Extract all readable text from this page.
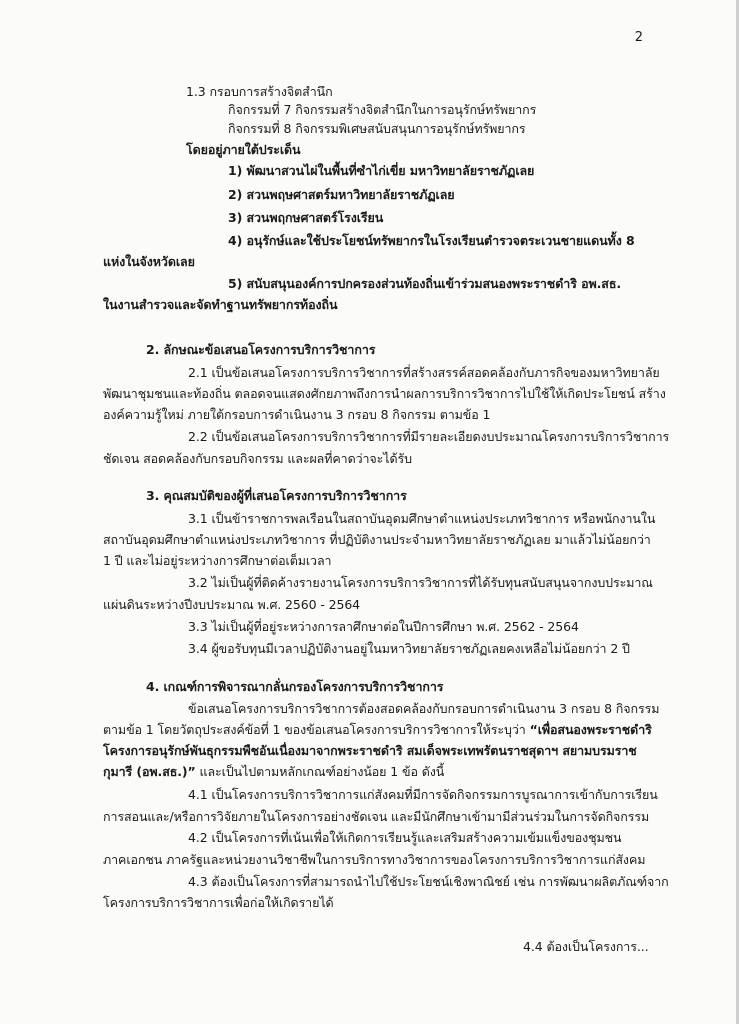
2
1.3 กรอบการสร้างจิตสำนึก
กิจกรรมที่ 7 กิจกรรมสร้างจิตสำนึกในการอนุรักษ์ทรัพยากร
กิจกรรมที่ 8 กิจกรรมพิเศษสนับสนุนการอนุรักษ์ทรัพยากร
โดยอยู่ภายใต้ประเด็น
1) พัฒนาสวนไผ่ในพื้นที่ซำไก่เขี่ย มหาวิทยาลัยราชภัฏเลย
2) สวนพฤษศาสตร์มหาวิทยาลัยราชภัฏเลย
3) สวนพฤกษศาสตร์โรงเรียน
4) อนุรักษ์และใช้ประโยชน์ทรัพยากรในโรงเรียนตำรวจตระเวนชายแดนทั้ง 8
แห่งในจังหวัดเลย
5) สนับสนุนองค์การปกครองส่วนท้องถิ่นเข้าร่วมสนองพระราชดำริ อพ.สธ.
ในงานสำรวจและจัดทำฐานทรัพยากรท้องถิ่น
2. ลักษณะข้อเสนอโครงการบริการวิชาการ
2.1 เป็นข้อเสนอโครงการบริการวิชาการที่สร้างสรรค์สอดคล้องกับภารกิจของมหาวิทยาลัย
พัฒนาชุมชนและท้องถิ่น ตลอดจนแสดงศักยภาพถึงการนำผลการบริการวิชาการไปใช้ให้เกิดประโยชน์ สร้าง
องค์ความรู้ใหม่ ภายใต้กรอบการดำเนินงาน 3 กรอบ 8 กิจกรรม ตามข้อ 1
2.2 เป็นข้อเสนอโครงการบริการวิชาการที่มีรายละเอียดงบประมาณโครงการบริการวิชาการ
ชัดเจน สอดคล้องกับกรอบกิจกรรม และผลที่คาดว่าจะได้รับ
3. คุณสมบัติของผู้ที่เสนอโครงการบริการวิชาการ
3.1 เป็นข้าราชการพลเรือนในสถาบันอุดมศึกษาตำแหน่งประเภทวิชาการ หรือพนักงานใน
สถาบันอุดมศึกษาตำแหน่งประเภทวิชาการ ที่ปฏิบัติงานประจำมหาวิทยาลัยราชภัฏเลย มาแล้วไม่น้อยกว่า
1 ปี และไม่อยู่ระหว่างการศึกษาต่อเต็มเวลา
3.2 ไม่เป็นผู้ที่ติดค้างรายงานโครงการบริการวิชาการที่ได้รับทุนสนับสนุนจากงบประมาณ
แผ่นดินระหว่างปีงบประมาณ พ.ศ. 2560 - 2564
3.3 ไม่เป็นผู้ที่อยู่ระหว่างการลาศึกษาต่อในปีการศึกษา พ.ศ. 2562 - 2564
3.4 ผู้ขอรับทุนมีเวลาปฏิบัติงานอยู่ในมหาวิทยาลัยราชภัฏเลยคงเหลือไม่น้อยกว่า 2 ปี
4. เกณฑ์การพิจารณากลั่นกรองโครงการบริการวิชาการ
ข้อเสนอโครงการบริการวิชาการต้องสอดคล้องกับกรอบการดำเนินงาน 3 กรอบ 8 กิจกรรม
ตามข้อ 1 โดยวัตถุประสงค์ข้อที่ 1 ของข้อเสนอโครงการบริการวิชาการให้ระบุว่า “เพื่อสนองพระราชดำริ
โครงการอนุรักษ์พันธุกรรมพืชอันเนื่องมาจากพระราชดำริ สมเด็จพระเทพรัตนราชสุดาฯ สยามบรมราช
กุมารี (อพ.สธ.)” และเป็นไปตามหลักเกณฑ์อย่างน้อย 1 ข้อ ดังนี้
4.1 เป็นโครงการบริการวิชาการแก่สังคมที่มีการจัดกิจกรรมการบูรณาการเข้ากับการเรียน
การสอนและ/หรือการวิจัยภายในโครงการอย่างชัดเจน และมีนักศึกษาเข้ามามีส่วนร่วมในการจัดกิจกรรม
4.2 เป็นโครงการที่เน้นเพื่อให้เกิดการเรียนรู้และเสริมสร้างความเข้มแข็งของชุมชน
ภาคเอกชน ภาครัฐและหน่วยงานวิชาชีพในการบริการทางวิชาการของโครงการบริการวิชาการแก่สังคม
4.3 ต้องเป็นโครงการที่สามารถนำไปใช้ประโยชน์เชิงพาณิชย์ เช่น การพัฒนาผลิตภัณฑ์จาก
โครงการบริการวิชาการเพื่อก่อให้เกิดรายได้
4.4 ต้องเป็นโครงการ...
